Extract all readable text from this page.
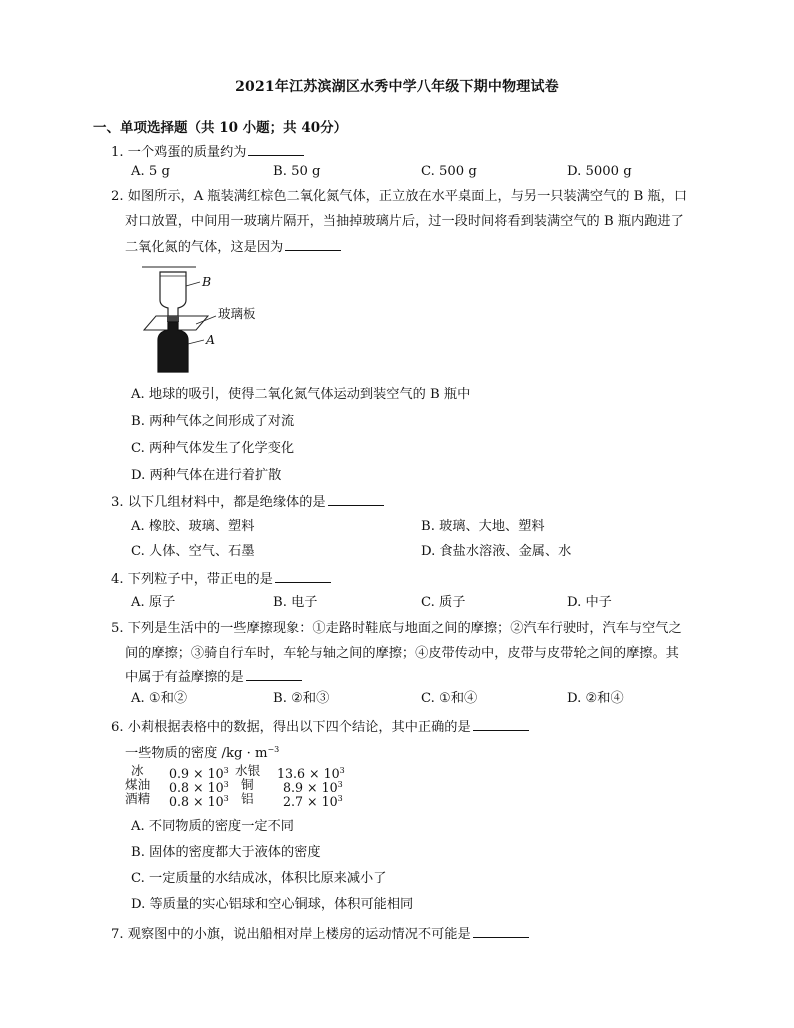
2021年江苏滨湖区水秀中学八年级下期中物理试卷
一、单项选择题（共 10 小题；共 40分）
1. 一个鸡蛋的质量约为
A. 5 g	B. 50 g	C. 500 g	D. 5000 g
2. 如图所示，A 瓶装满红棕色二氧化氮气体，正立放在水平桌面上，与另一只装满空气的 B 瓶，口
对口放置，中间用一玻璃片隔开，当抽掉玻璃片后，过一段时间将看到装满空气的 B 瓶内跑进了
二氧化氮的气体，这是因为
B
玻璃板
A
A. 地球的吸引，使得二氧化氮气体运动到装空气的 B 瓶中
B. 两种气体之间形成了对流
C. 两种气体发生了化学变化
D. 两种气体在进行着扩散
3. 以下几组材料中，都是绝缘体的是
A. 橡胶、玻璃、塑料	B. 玻璃、大地、塑料
C. 人体、空气、石墨	D. 食盐水溶液、金属、水
4. 下列粒子中，带正电的是
A. 原子	B. 电子	C. 质子	D. 中子
5. 下列是生活中的一些摩擦现象：①走路时鞋底与地面之间的摩擦；②汽车行驶时，汽车与空气之
间的摩擦；③骑自行车时，车轮与轴之间的摩擦；④皮带传动中，皮带与皮带轮之间的摩擦。其
中属于有益摩擦的是
A. ①和②	B. ②和③	C. ①和④	D. ②和④
6. 小莉根据表格中的数据，得出以下四个结论，其中正确的是
一些物质的密度 $/kg \cdot m^{-3}$
冰 $0.9 \times 10^3$ 水银 $13.6 \times 10^3$
煤油 $0.8 \times 10^3$ 铜 $8.9 \times 10^3$
酒精 $0.8 \times 10^3$ 铝 $2.7 \times 10^3$
A. 不同物质的密度一定不同
B. 固体的密度都大于液体的密度
C. 一定质量的水结成冰，体积比原来减小了
D. 等质量的实心铝球和空心铜球，体积可能相同
7. 观察图中的小旗，说出船相对岸上楼房的运动情况不可能是
